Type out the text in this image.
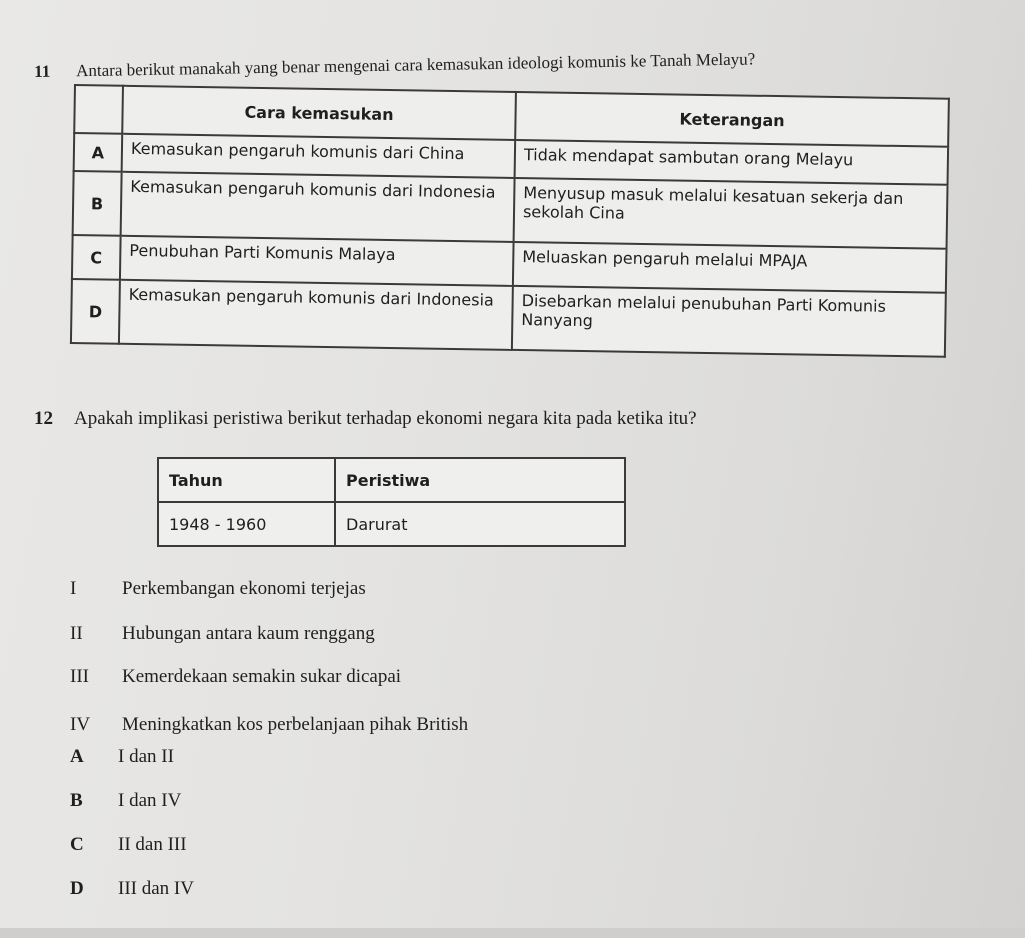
11 Antara berikut manakah yang benar mengenai cara kemasukan ideologi komunis ke Tanah Melayu?
	Cara kemasukan	Keterangan
A	Kemasukan pengaruh komunis dari China	Tidak mendapat sambutan orang Melayu
B	Kemasukan pengaruh komunis dari Indonesia	Menyusup masuk melalui kesatuan sekerja dan sekolah Cina
C	Penubuhan Parti Komunis Malaya	Meluaskan pengaruh melalui MPAJA
D	Kemasukan pengaruh komunis dari Indonesia	Disebarkan melalui penubuhan Parti Komunis Nanyang
12 Apakah implikasi peristiwa berikut terhadap ekonomi negara kita pada ketika itu?
Tahun	Peristiwa
1948 - 1960	Darurat
I Perkembangan ekonomi terjejas
II Hubungan antara kaum renggang
III Kemerdekaan semakin sukar dicapai
IV Meningkatkan kos perbelanjaan pihak British
A I dan II
B I dan IV
C II dan III
D III dan IV
